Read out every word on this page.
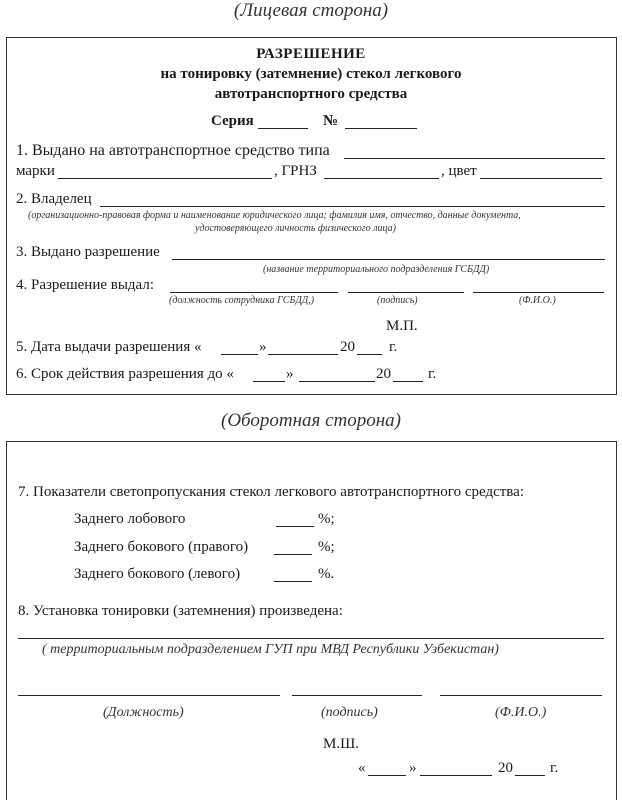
(Лицевая сторона)
РАЗРЕШЕНИЕ
на тонировку (затемнение) стекол легкового
автотранспортного средства
Серия	№
1. Выдано на автотранспортное средство типа
марки	, ГРНЗ	, цвет
2. Владелец
(организационно-правовая форма и наименование юридического лица; фамилия имя, отчество, данные документа,
удостоверяющего личность физического лица)
3. Выдано разрешение
(название территориального подразделения ГСБДД)
4. Разрешение выдал:
(должность сотрудника ГСБДД,)	(подпись)	(Ф.И.О.)
М.П.
5. Дата выдачи разрешения «	»	20 г.
6. Срок действия разрешения до «	»	20 г.
(Оборотная сторона)
7. Показатели светопропускания стекол легкового автотранспортного средства:
Заднего лобового	%;
Заднего бокового (правого)	%;
Заднего бокового (левого)	%.
8. Установка тонировки (затемнения) произведена:
( территориальным подразделением ГУП при МВД Республики Узбекистан)
(Должность)	(подпись)	(Ф.И.О.)
М.Ш.
«	»	20 г.
